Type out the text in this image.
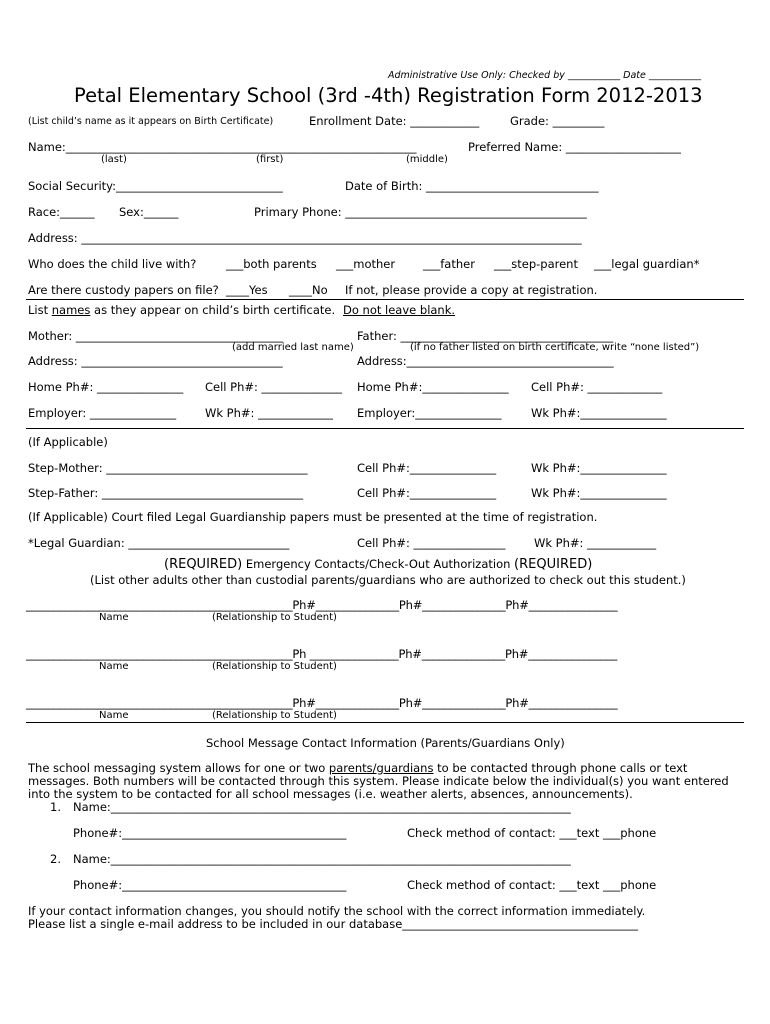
Administrative Use Only: Checked by ___________ Date ___________
Petal Elementary School (3rd -4th) Registration Form 2012-2013
(List child’s name as it appears on Birth Certificate)	Enrollment Date: ____________	Grade: _________
Name:_____________________________________________________________	Preferred Name: ____________________
(last)	(first)	(middle)
Social Security:_____________________________	Date of Birth: ______________________________
Race:______ Sex:______	Primary Phone: __________________________________________
Address: _______________________________________________________________________________________
Who does the child live with?	___both parents ___mother ___father ___step-parent ___legal guardian*
Are there custody papers on file? ____Yes ____No If not, please provide a copy at registration.
List names as they appear on child’s birth certificate. Do not leave blank.
Mother: ____________________________________	Father: _____________________________________
(add married last name)	(if no father listed on birth certificate, write “none listed”)
Address: ___________________________________	Address:____________________________________
Home Ph#: _______________ Cell Ph#: ______________ Home Ph#:_______________ Cell Ph#: _____________
Employer: _______________	Wk Ph#: _____________ Employer:_______________	Wk Ph#:_______________
(If Applicable)
Step-Mother: ___________________________________	Cell Ph#:_______________	Wk Ph#:_______________
Step-Father: ___________________________________	Cell Ph#:_______________	Wk Ph#:_______________
(If Applicable) Court filed Legal Guardianship papers must be presented at the time of registration.
*Legal Guardian: ____________________________	Cell Ph#: ________________ Wk Ph#: ____________
(REQUIRED) Emergency Contacts/Check-Out Authorization (REQUIRED)
(List other adults other than custodial parents/guardians who are authorized to check out this student.)
________________________________________________Ph#_______________Ph#_______________Ph#________________
Name	(Relationship to Student)
________________________________________________Ph ________________Ph#_______________Ph#________________
Name	(Relationship to Student)
________________________________________________Ph#_______________Ph#_______________Ph#________________
Name	(Relationship to Student)
School Message Contact Information (Parents/Guardians Only)
The school messaging system allows for one or two parents/guardians to be contacted through phone calls or text
messages. Both numbers will be contacted through this system. Please indicate below the individual(s) you want entered
into the system to be contacted for all school messages (i.e. weather alerts, absences, announcements).
1. Name:________________________________________________________________________________
Phone#:_______________________________________	Check method of contact: ___text ___phone
2. Name:________________________________________________________________________________
Phone#:_______________________________________	Check method of contact: ___text ___phone
If your contact information changes, you should notify the school with the correct information immediately.
Please list a single e-mail address to be included in our database_________________________________________
